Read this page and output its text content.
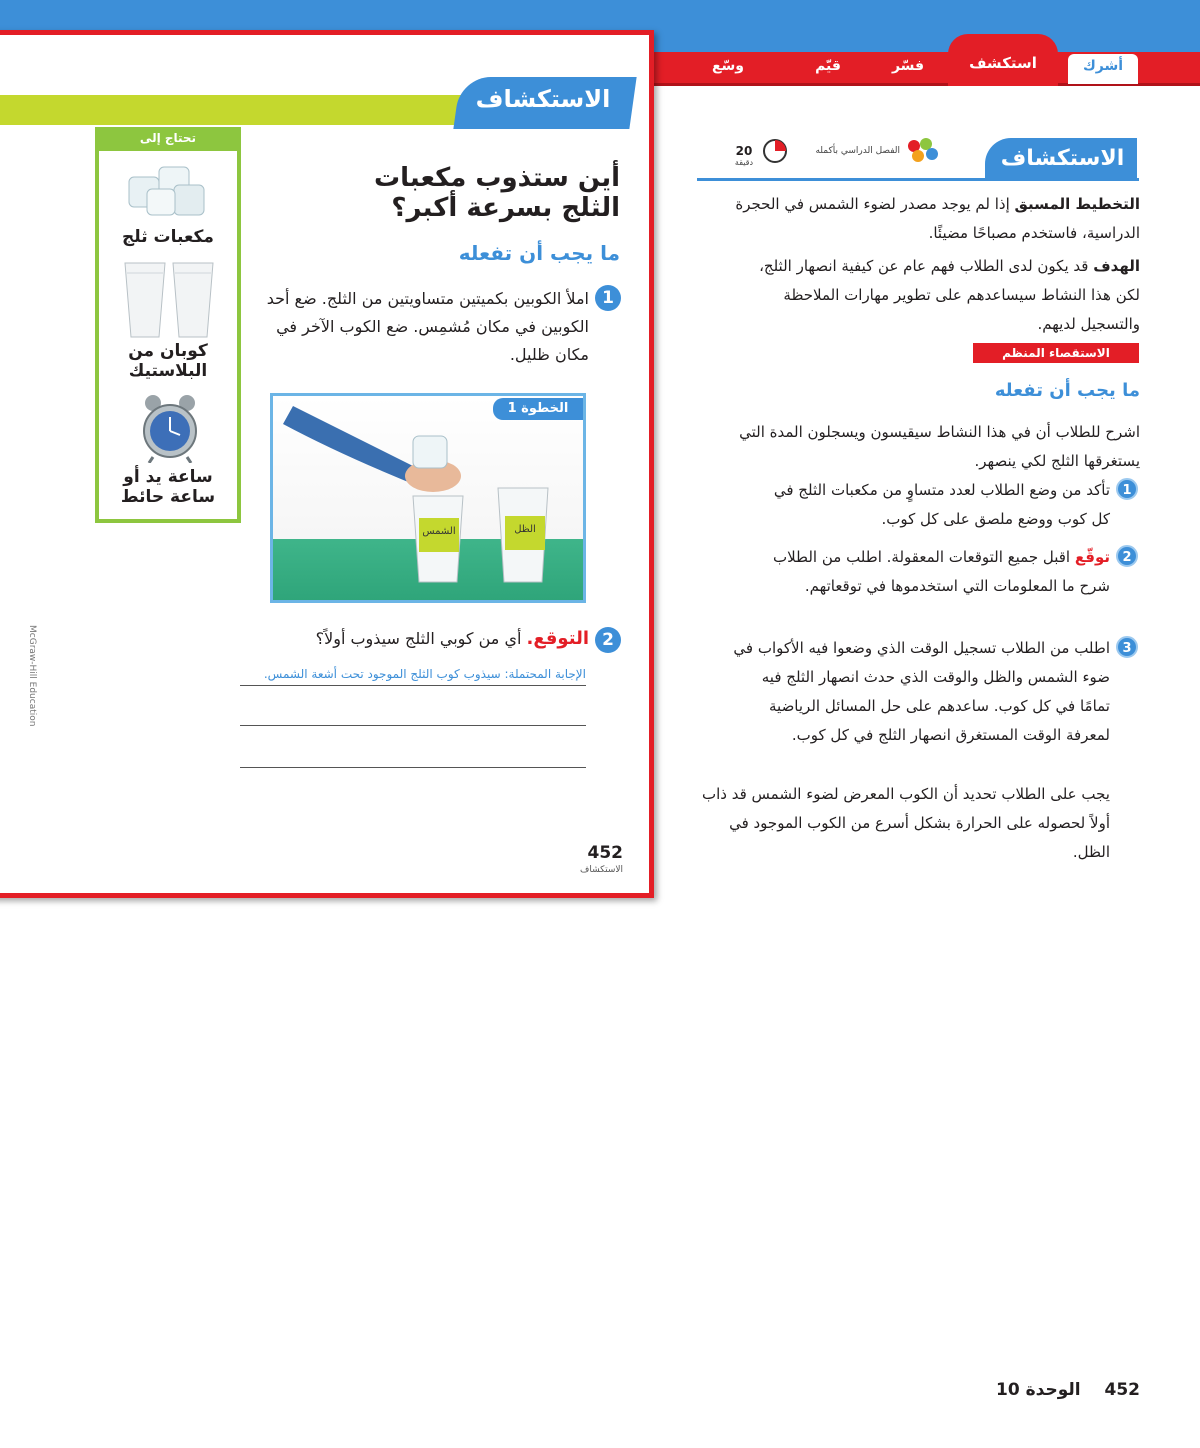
أشرك
استكشف
فسّر
قيّم
وسّع
الاستكشاف
تحتاج إلى
مكعبات ثلج
كوبان من البلاستيك
ساعة يد أو ساعة حائط
أين ستذوب مكعبات الثلج بسرعة أكبر؟
ما يجب أن تفعله
1
املأ الكوبين بكميتين متساويتين من الثلج. ضع أحد الكوبين في مكان مُشمِس. ضع الكوب الآخر في مكان ظليل.
الخطوة 1
الشمس	الظل
2
التوقع. أي من كوبي الثلج سيذوب أولاً؟
الإجابة المحتملة: سيذوب كوب الثلج الموجود تحت أشعة الشمس.
McGraw-Hill Education
452
الاستكشاف
الاستكشاف
الفصل الدراسي بأكمله
20
دقيقة
التخطيط المسبق إذا لم يوجد مصدر لضوء الشمس في الحجرة الدراسية، فاستخدم مصباحًا مضيئًا.
الهدف قد يكون لدى الطلاب فهم عام عن كيفية انصهار الثلج، لكن هذا النشاط سيساعدهم على تطوير مهارات الملاحظة والتسجيل لديهم.
الاستقصاء المنظم
ما يجب أن تفعله
اشرح للطلاب أن في هذا النشاط سيقيسون ويسجلون المدة التي يستغرقها الثلج لكي ينصهر.
1
تأكد من وضع الطلاب لعدد متساوٍ من مكعبات الثلج في كل كوب ووضع ملصق على كل كوب.
2
توقّع اقبل جميع التوقعات المعقولة. اطلب من الطلاب شرح ما المعلومات التي استخدموها في توقعاتهم.
3
اطلب من الطلاب تسجيل الوقت الذي وضعوا فيه الأكواب في ضوء الشمس والظل والوقت الذي حدث انصهار الثلج فيه تمامًا في كل كوب. ساعدهم على حل المسائل الرياضية لمعرفة الوقت المستغرق انصهار الثلج في كل كوب.
يجب على الطلاب تحديد أن الكوب المعرض لضوء الشمس قد ذاب أولاً لحصوله على الحرارة بشكل أسرع من الكوب الموجود في الظل.
452 الوحدة 10
